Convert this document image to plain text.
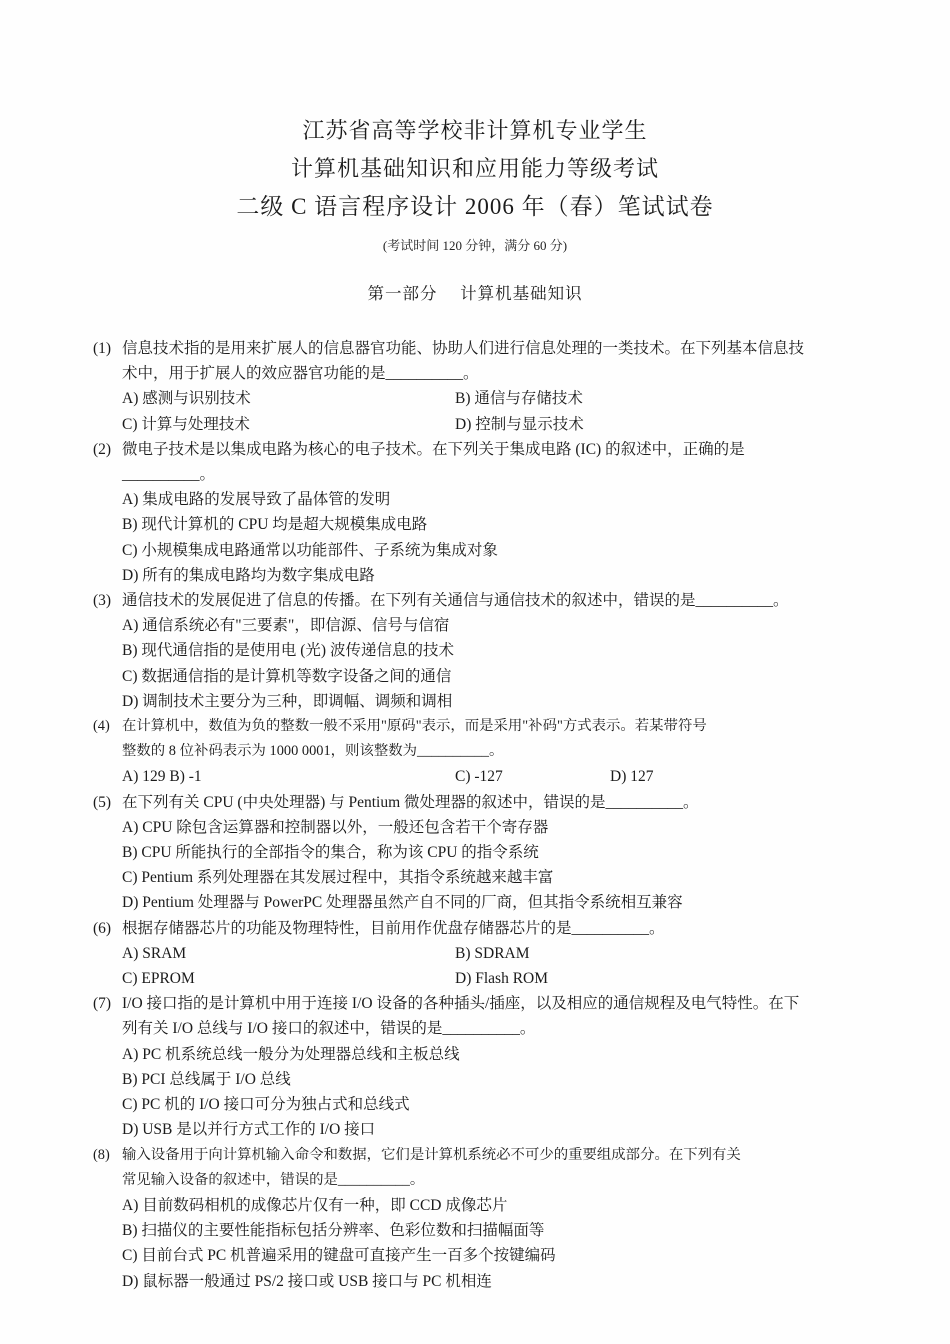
江苏省高等学校非计算机专业学生
计算机基础知识和应用能力等级考试
二级 C 语言程序设计 2006 年（春）笔试试卷
(考试时间 120 分钟，满分 60 分)
第一部分　 计算机基础知识
(1) 信息技术指的是用来扩展人的信息器官功能、协助人们进行信息处理的一类技术。在下列基本信息技
术中，用于扩展人的效应器官功能的是__________。
A) 感测与识别技术	B) 通信与存储技术
C) 计算与处理技术	D) 控制与显示技术
(2) 微电子技术是以集成电路为核心的电子技术。在下列关于集成电路 (IC) 的叙述中，正确的是
__________。
A) 集成电路的发展导致了晶体管的发明
B) 现代计算机的 CPU 均是超大规模集成电路
C) 小规模集成电路通常以功能部件、子系统为集成对象
D) 所有的集成电路均为数字集成电路
(3) 通信技术的发展促进了信息的传播。在下列有关通信与通信技术的叙述中，错误的是__________。
A) 通信系统必有"三要素"，即信源、信号与信宿
B) 现代通信指的是使用电 (光) 波传递信息的技术
C) 数据通信指的是计算机等数字设备之间的通信
D) 调制技术主要分为三种，即调幅、调频和调相
(4) 在计算机中，数值为负的整数一般不采用"原码"表示，而是采用"补码"方式表示。若某带符号
整数的 8 位补码表示为 1000 0001，则该整数为__________。
A) 129 B) -1	C) -127	D) 127
(5) 在下列有关 CPU (中央处理器) 与 Pentium 微处理器的叙述中，错误的是__________。
A) CPU 除包含运算器和控制器以外，一般还包含若干个寄存器
B) CPU 所能执行的全部指令的集合，称为该 CPU 的指令系统
C) Pentium 系列处理器在其发展过程中，其指令系统越来越丰富
D) Pentium 处理器与 PowerPC 处理器虽然产自不同的厂商，但其指令系统相互兼容
(6) 根据存储器芯片的功能及物理特性，目前用作优盘存储器芯片的是__________。
A) SRAM	B) SDRAM
C) EPROM	D) Flash ROM
(7) I/O 接口指的是计算机中用于连接 I/O 设备的各种插头/插座，以及相应的通信规程及电气特性。在下
列有关 I/O 总线与 I/O 接口的叙述中，错误的是__________。
A) PC 机系统总线一般分为处理器总线和主板总线
B) PCI 总线属于 I/O 总线
C) PC 机的 I/O 接口可分为独占式和总线式
D) USB 是以并行方式工作的 I/O 接口
(8) 输入设备用于向计算机输入命令和数据，它们是计算机系统必不可少的重要组成部分。在下列有关
常见输入设备的叙述中，错误的是__________。
A) 目前数码相机的成像芯片仅有一种，即 CCD 成像芯片
B) 扫描仪的主要性能指标包括分辨率、色彩位数和扫描幅面等
C) 目前台式 PC 机普遍采用的键盘可直接产生一百多个按键编码
D) 鼠标器一般通过 PS/2 接口或 USB 接口与 PC 机相连
